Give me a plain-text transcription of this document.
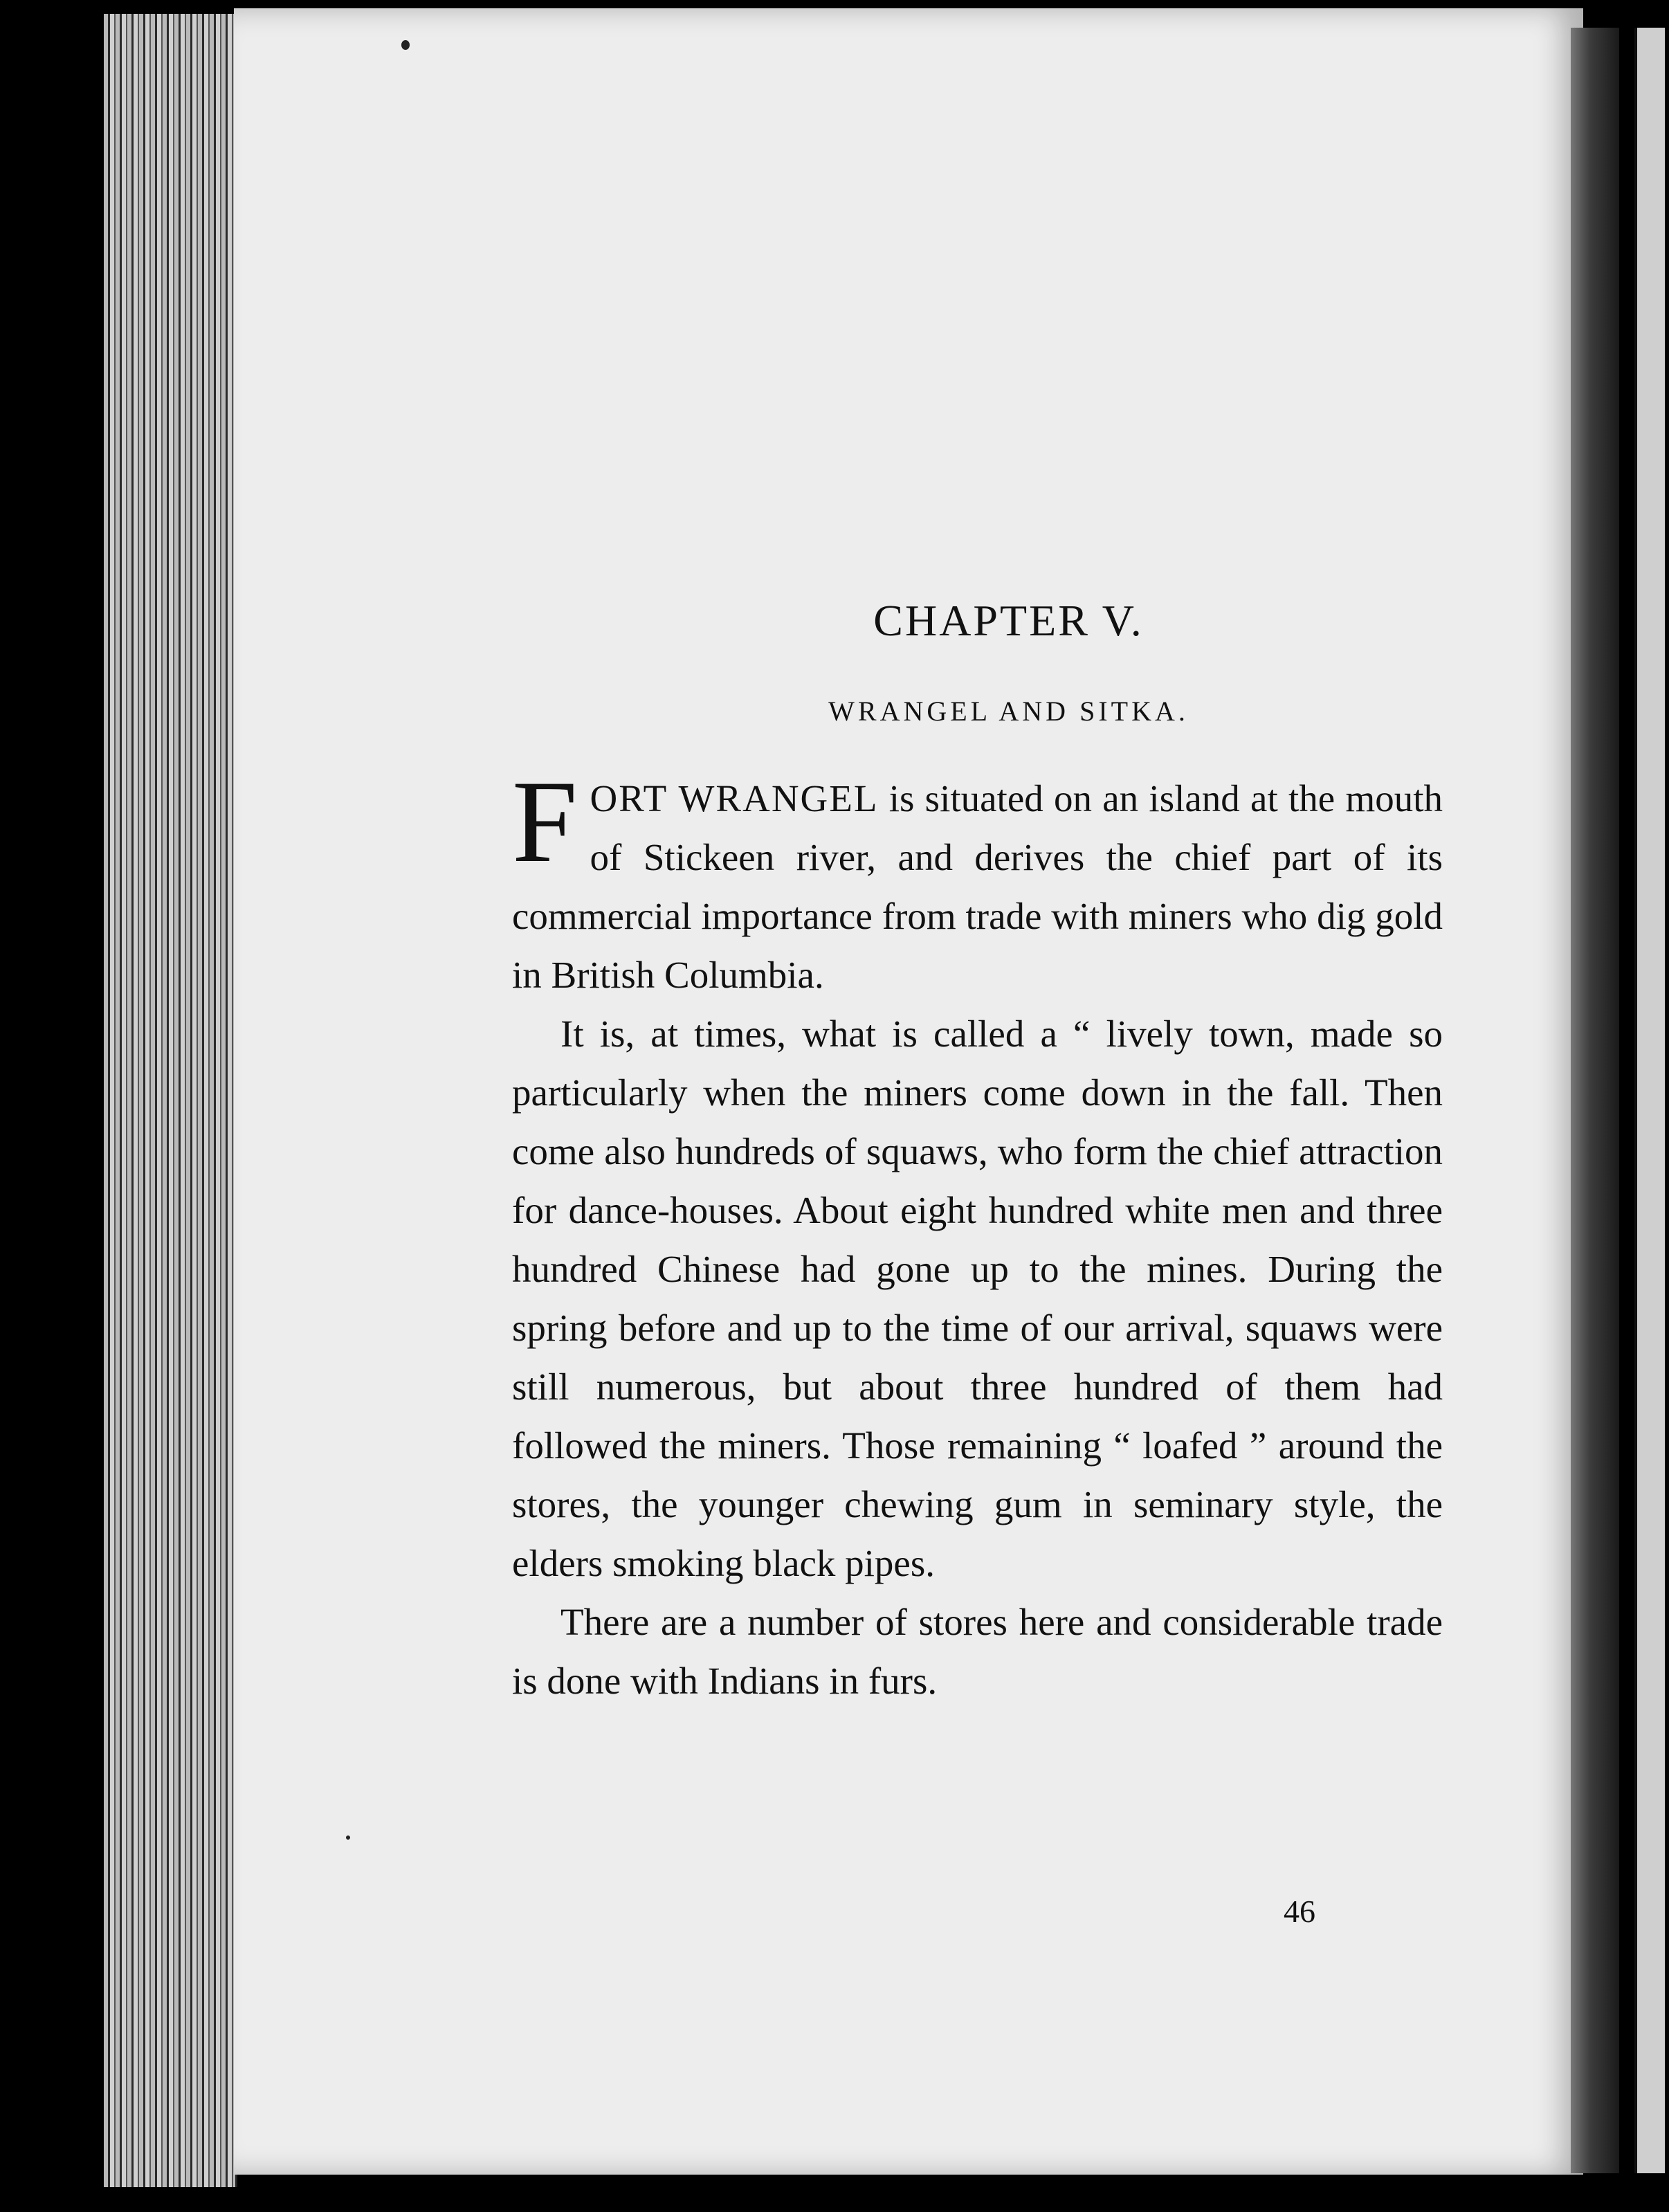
CHAPTER V.
WRANGEL AND SITKA.

FORT WRANGEL is situated on an island at the mouth of Stickeen river, and derives the chief part of its commercial importance from trade with miners who dig gold in British Columbia.

It is, at times, what is called a “ lively town, made so particularly when the miners come down in the fall. Then come also hundreds of squaws, who form the chief attraction for dance-houses. About eight hundred white men and three hundred Chinese had gone up to the mines. During the spring before and up to the time of our arrival, squaws were still numerous, but about three hundred of them had followed the miners. Those remaining “ loafed ” around the stores, the younger chewing gum in seminary style, the elders smoking black pipes.

There are a number of stores here and considerable trade is done with Indians in furs.

46
